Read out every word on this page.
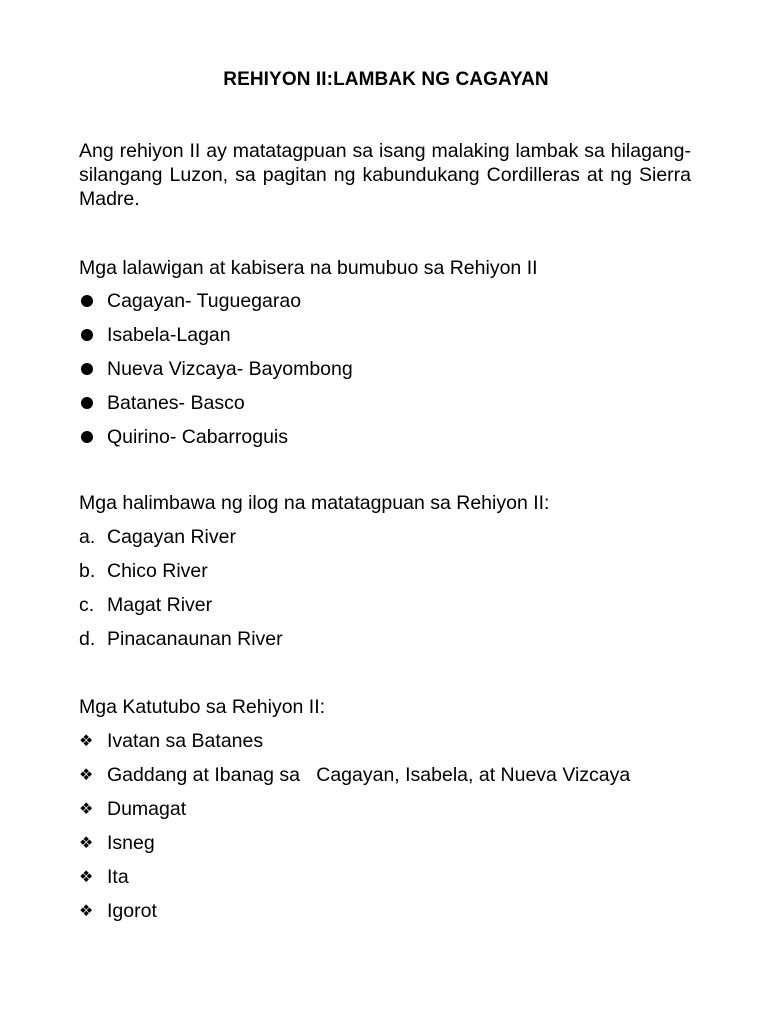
REHIYON II:LAMBAK NG CAGAYAN

Ang rehiyon II ay matatagpuan sa isang malaking lambak sa hilagang-silangang Luzon, sa pagitan ng kabundukang Cordilleras at ng Sierra Madre.

Mga lalawigan at kabisera na bumubuo sa Rehiyon II

Cagayan- Tuguegarao
Isabela-Lagan
Nueva Vizcaya- Bayombong
Batanes- Basco
Quirino- Cabarroguis

Mga halimbawa ng ilog na matatagpuan sa Rehiyon II:

a. Cagayan River
b. Chico River
c. Magat River
d. Pinacanaunan River

Mga Katutubo sa Rehiyon II:

❖ Ivatan sa Batanes
❖ Gaddang at Ibanag sa   Cagayan, Isabela, at Nueva Vizcaya
❖ Dumagat
❖ Isneg
❖ Ita
❖ Igorot
